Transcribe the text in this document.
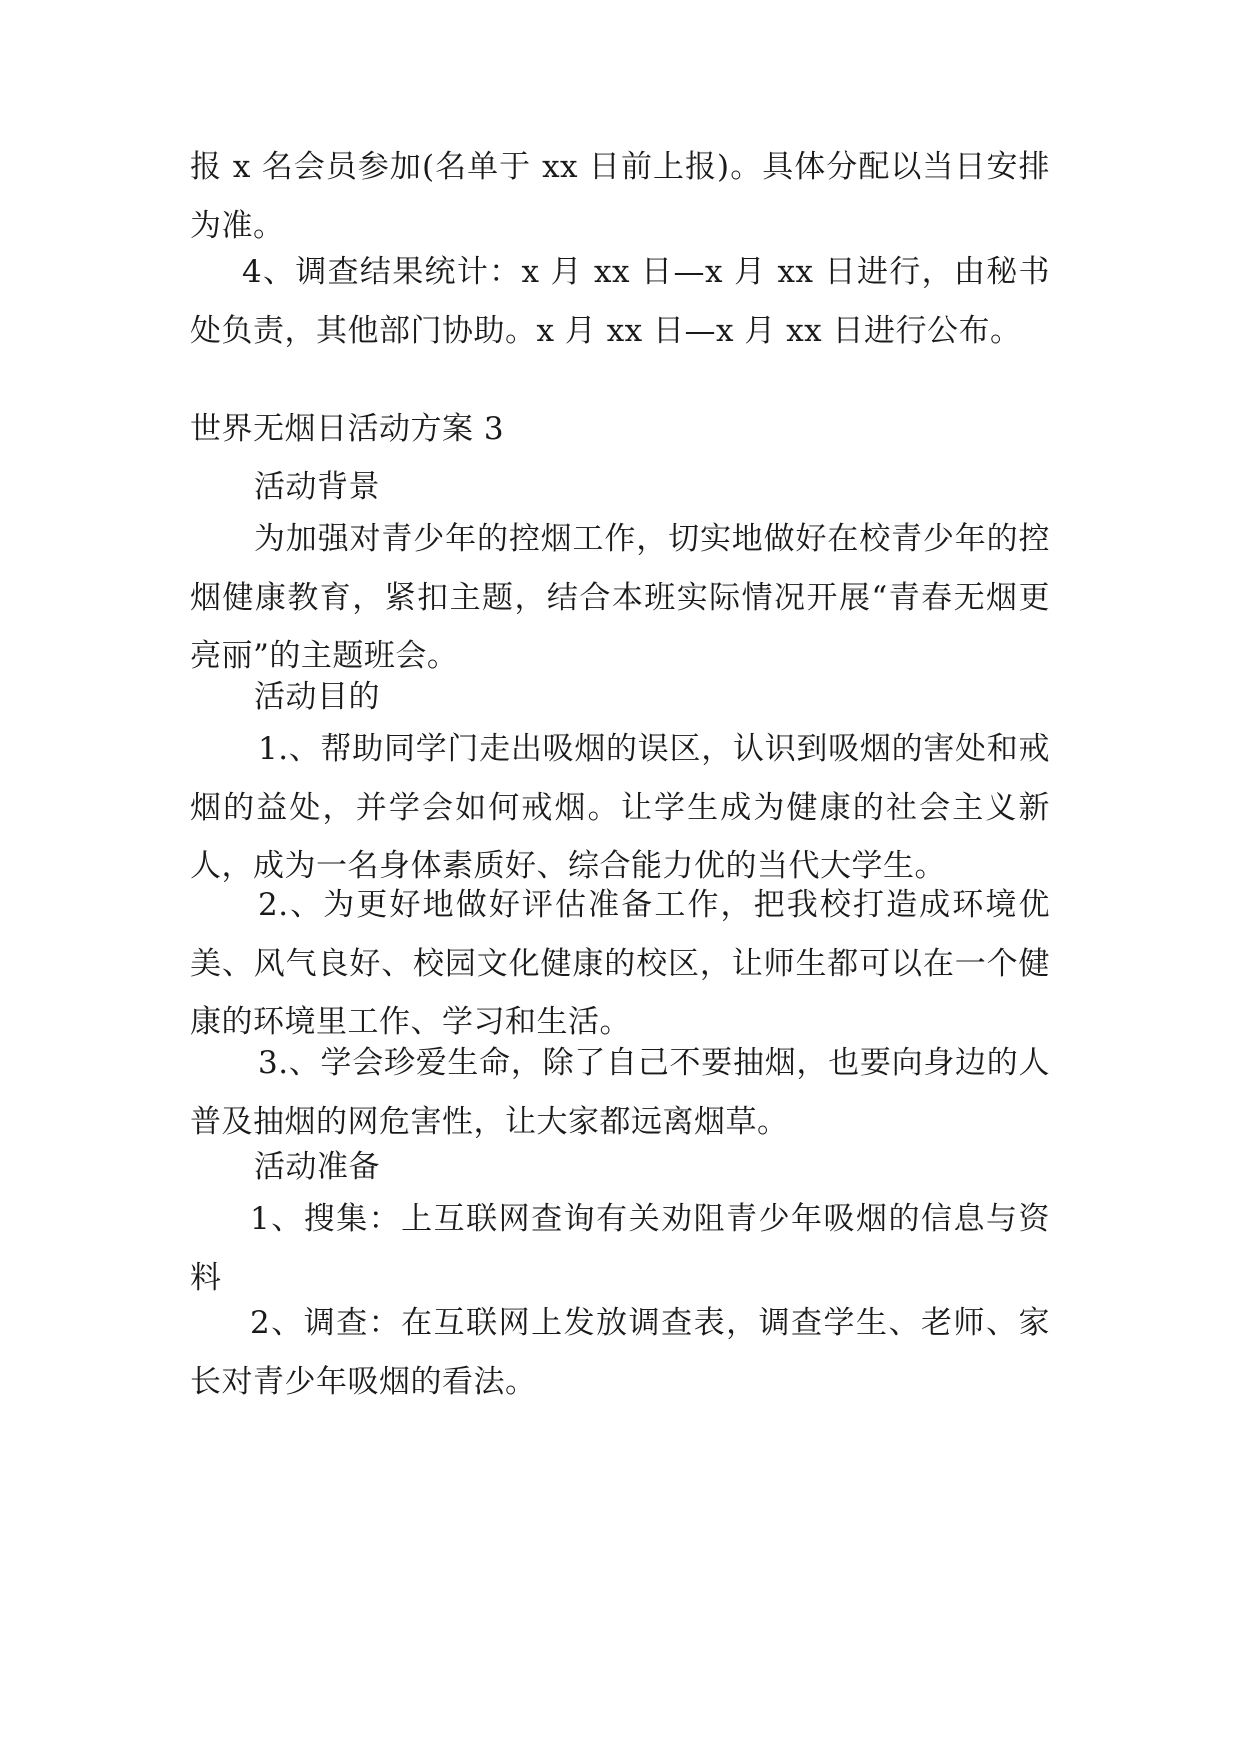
报 x 名会员参加(名单于 xx 日前上报)。具体分配以当日安排为准。

4、调查结果统计：x 月 xx 日—x 月 xx 日进行，由秘书处负责，其他部门协助。x 月 xx 日—x 月 xx 日进行公布。

世界无烟日活动方案 3

活动背景

为加强对青少年的控烟工作，切实地做好在校青少年的控烟健康教育，紧扣主题，结合本班实际情况开展“青春无烟更亮丽”的主题班会。

活动目的

1.、帮助同学门走出吸烟的误区，认识到吸烟的害处和戒烟的益处，并学会如何戒烟。让学生成为健康的社会主义新人，成为一名身体素质好、综合能力优的当代大学生。

2.、为更好地做好评估准备工作，把我校打造成环境优美、风气良好、校园文化健康的校区，让师生都可以在一个健康的环境里工作、学习和生活。

3.、学会珍爱生命，除了自己不要抽烟，也要向身边的人普及抽烟的网危害性，让大家都远离烟草。

活动准备

1、搜集：上互联网查询有关劝阻青少年吸烟的信息与资料

2、调查：在互联网上发放调查表，调查学生、老师、家长对青少年吸烟的看法。
